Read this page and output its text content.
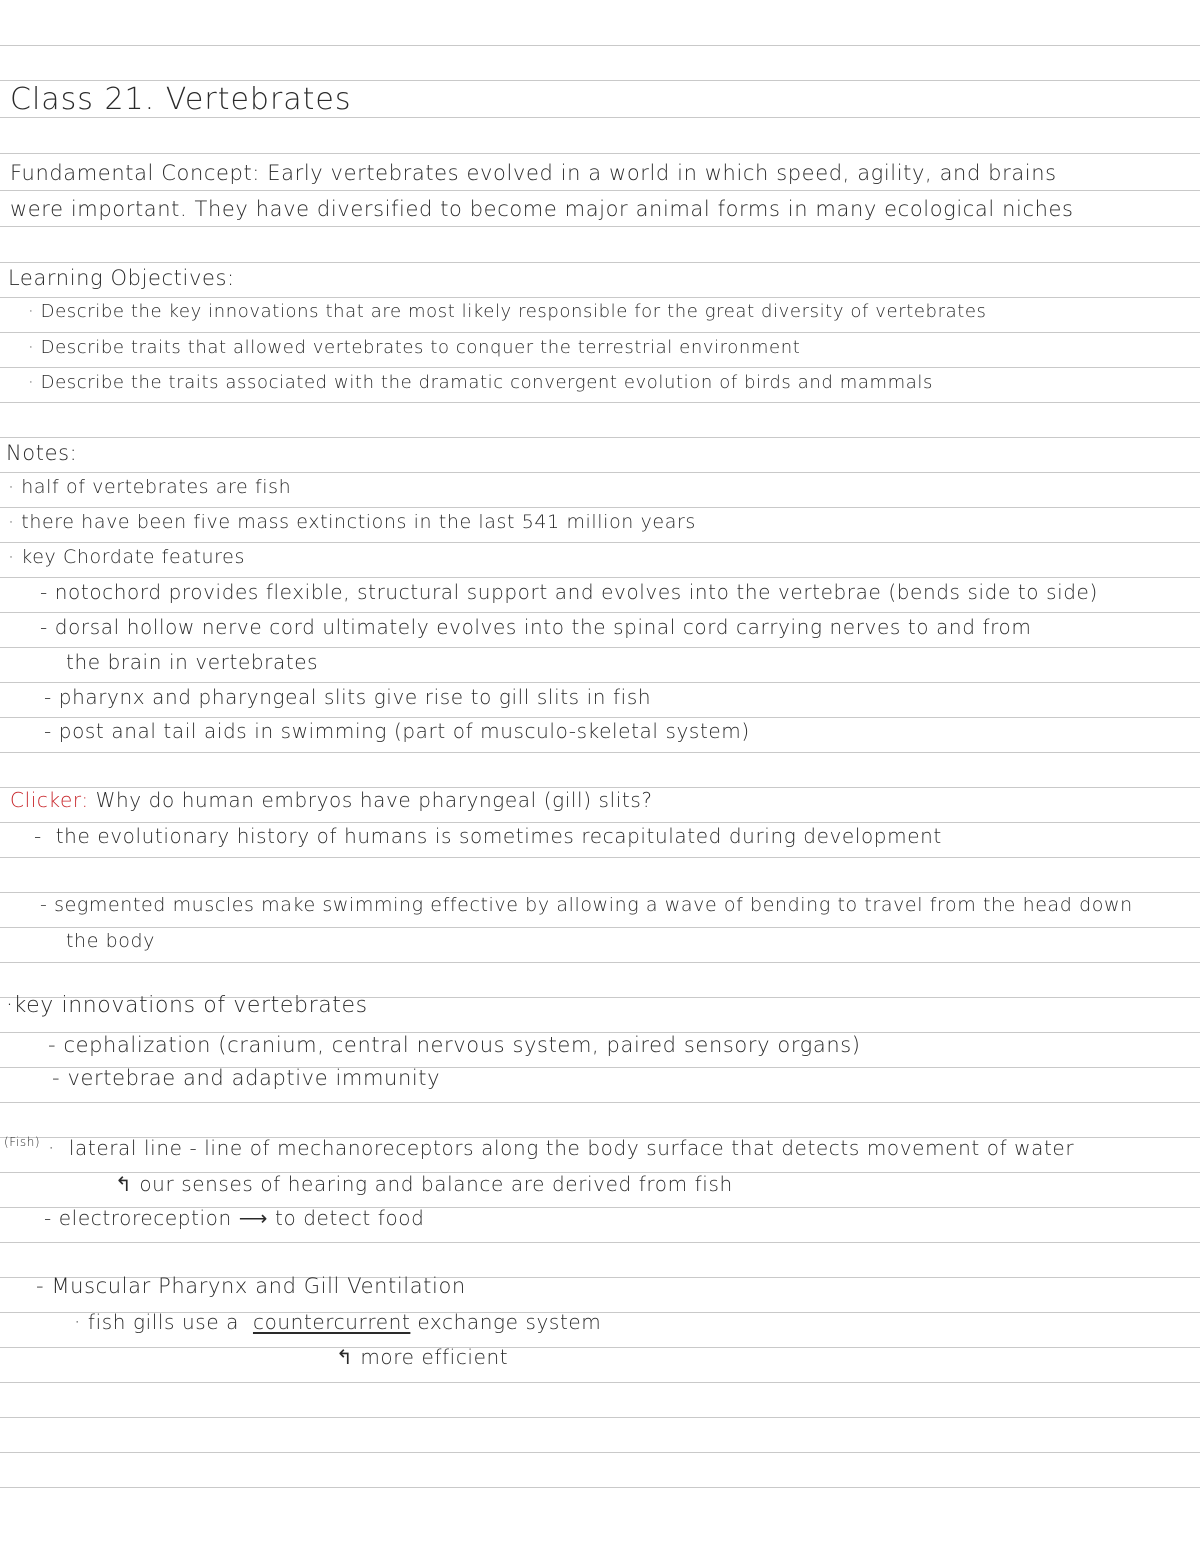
Class 21. Vertebrates
Fundamental Concept: Early vertebrates evolved in a world in which speed, agility, and brains
were important. They have diversified to become major animal forms in many ecological niches
Learning Objectives:
· Describe the key innovations that are most likely responsible for the great diversity of vertebrates
· Describe traits that allowed vertebrates to conquer the terrestrial environment
· Describe the traits associated with the dramatic convergent evolution of birds and mammals
Notes:
· half of vertebrates are fish
· there have been five mass extinctions in the last 541 million years
· key Chordate features
- notochord provides flexible, structural support and evolves into the vertebrae (bends side to side)
- dorsal hollow nerve cord ultimately evolves into the spinal cord carrying nerves to and from
the brain in vertebrates
- pharynx and pharyngeal slits give rise to gill slits in fish
- post anal tail aids in swimming (part of musculo-skeletal system)
Clicker: Why do human embryos have pharyngeal (gill) slits?
-  the evolutionary history of humans is sometimes recapitulated during development
- segmented muscles make swimming effective by allowing a wave of bending to travel from the head down
the body
·key innovations of vertebrates
- cephalization (cranium, central nervous system, paired sensory organs)
- vertebrae and adaptive immunity
(Fish) ·  lateral line - line of mechanoreceptors along the body surface that detects movement of water
↰ our senses of hearing and balance are derived from fish
- electroreception ⟶ to detect food
- Muscular Pharynx and Gill Ventilation
· fish gills use a countercurrent exchange system
↰ more efficient
